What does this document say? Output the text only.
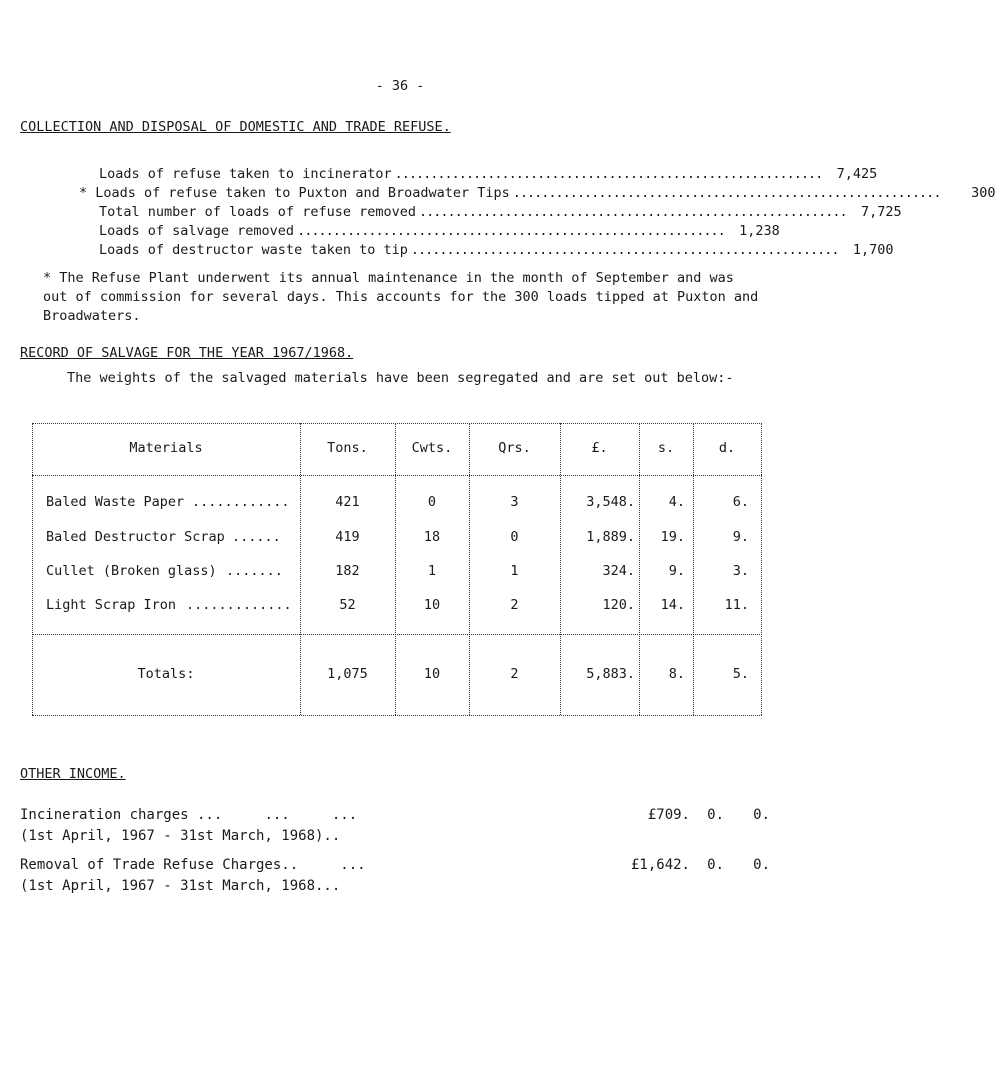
- 36 -
COLLECTION AND DISPOSAL OF DOMESTIC AND TRADE REFUSE.
Loads of refuse taken to incinerator ............................................................	7,425
* Loads of refuse taken to Puxton and Broadwater Tips ............................................................	300
Total number of loads of refuse removed ............................................................	7,725
Loads of salvage removed ............................................................	1,238
Loads of destructor waste taken to tip ............................................................	1,700
* The Refuse Plant underwent its annual maintenance in the month of September and was out of commission for several days. This accounts for the 300 loads tipped at Puxton and Broadwaters.
RECORD OF SALVAGE FOR THE YEAR 1967/1968.
The weights of the salvaged materials have been segregated and are set out below:-
Materials	Tons.	Cwts.	Qrs.	£.	s.	d.
Baled Waste Paper ............	421	0	3	3,548.	4.	6.
Baled Destructor Scrap ......	419	18	0	1,889.	19.	9.
Cullet (Broken glass) .......	182	1	1	324.	9.	3.
Light Scrap Iron .............	52	10	2	120.	14.	11.
Totals:	1,075	10	2	5,883.	8.	5.
OTHER INCOME.
Incineration charges ...     ...     ...
(1st April, 1967 - 31st March, 1968)..
£709.	0.	0.
Removal of Trade Refuse Charges..     ...
(1st April, 1967 - 31st March, 1968...
£1,642.	0.	0.
